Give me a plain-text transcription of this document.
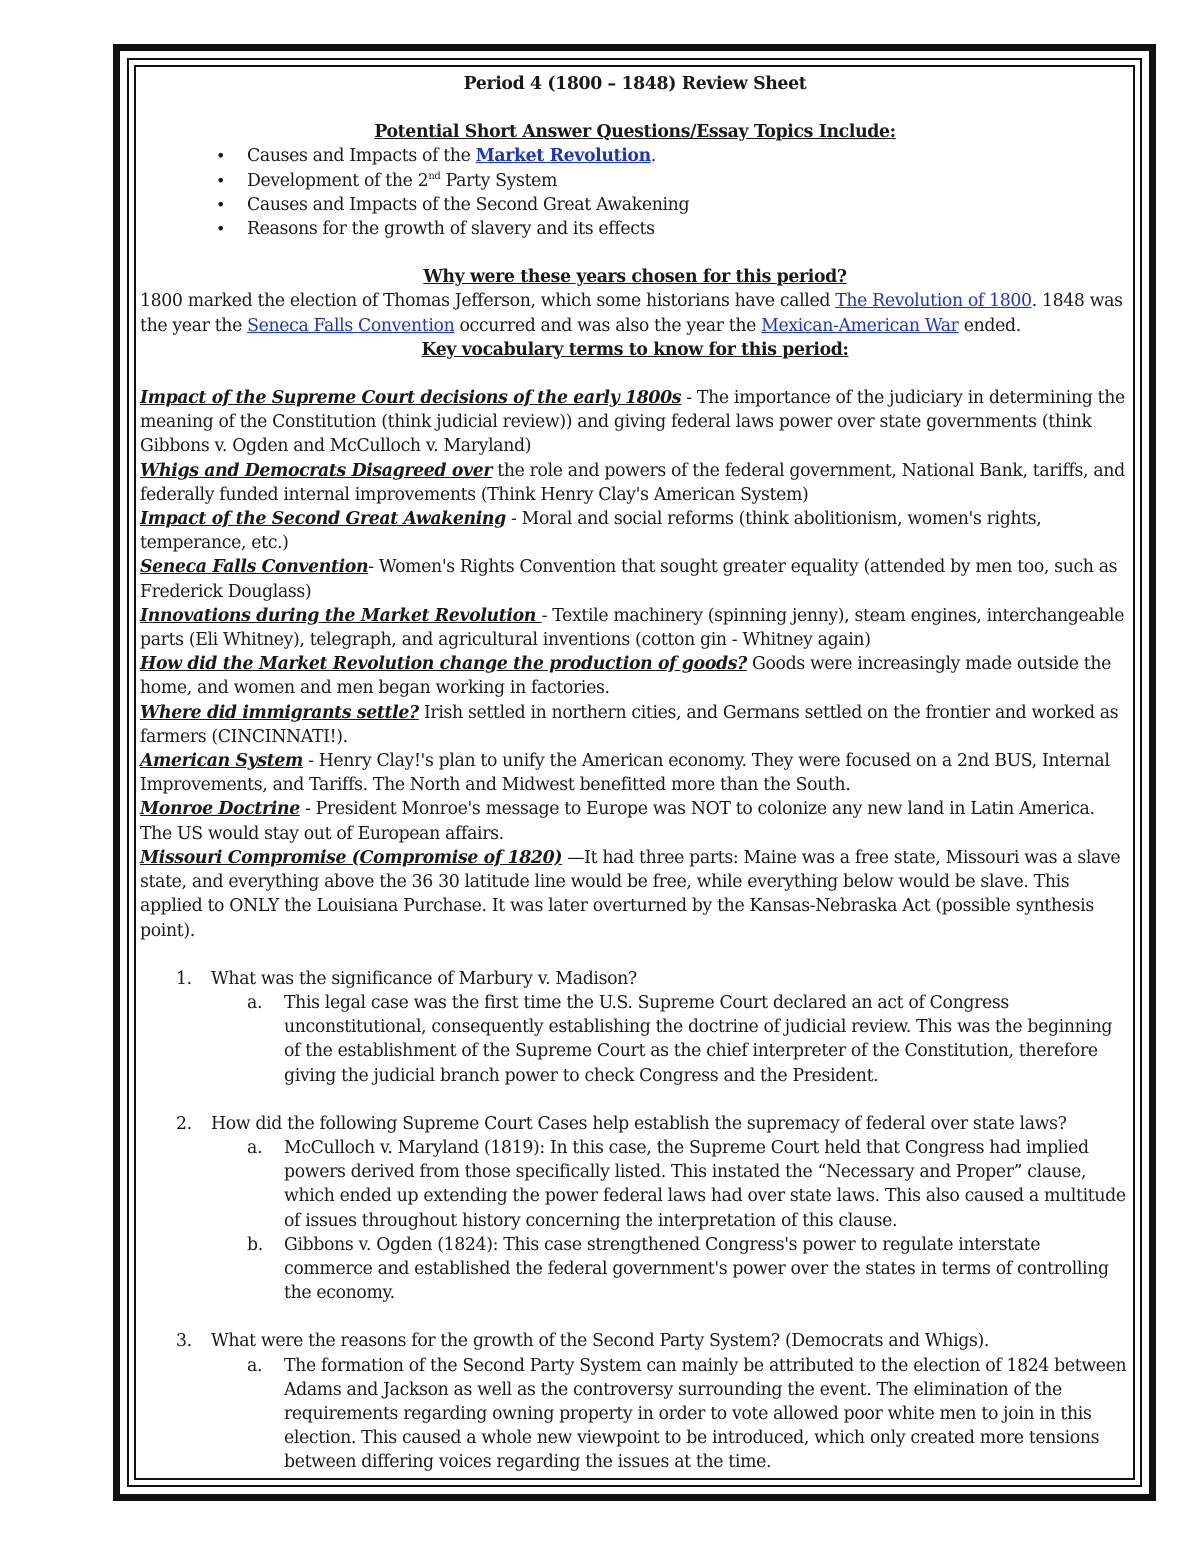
Period 4 (1800 – 1848) Review Sheet
Potential Short Answer Questions/Essay Topics Include:
• Causes and Impacts of the Market Revolution.
• Development of the 2nd Party System
• Causes and Impacts of the Second Great Awakening
• Reasons for the growth of slavery and its effects
Why were these years chosen for this period?
1800 marked the election of Thomas Jefferson, which some historians have called The Revolution of 1800. 1848 was the year the Seneca Falls Convention occurred and was also the year the Mexican-American War ended.
Key vocabulary terms to know for this period:

Impact of the Supreme Court decisions of the early 1800s - The importance of the judiciary in determining the meaning of the Constitution (think judicial review)) and giving federal laws power over state governments (think Gibbons v. Ogden and McCulloch v. Maryland)

Whigs and Democrats Disagreed over the role and powers of the federal government, National Bank, tariffs, and federally funded internal improvements (Think Henry Clay's American System)

Impact of the Second Great Awakening - Moral and social reforms (think abolitionism, women's rights, temperance, etc.)

Seneca Falls Convention- Women's Rights Convention that sought greater equality (attended by men too, such as Frederick Douglass)

Innovations during the Market Revolution - Textile machinery (spinning jenny), steam engines, interchangeable parts (Eli Whitney), telegraph, and agricultural inventions (cotton gin - Whitney again)

How did the Market Revolution change the production of goods? Goods were increasingly made outside the home, and women and men began working in factories.

Where did immigrants settle? Irish settled in northern cities, and Germans settled on the frontier and worked as farmers (CINCINNATI!).

American System - Henry Clay!'s plan to unify the American economy. They were focused on a 2nd BUS, Internal Improvements, and Tariffs. The North and Midwest benefitted more than the South.

Monroe Doctrine - President Monroe's message to Europe was NOT to colonize any new land in Latin America. The US would stay out of European affairs.

Missouri Compromise (Compromise of 1820) —It had three parts: Maine was a free state, Missouri was a slave state, and everything above the 36 30 latitude line would be free, while everything below would be slave. This applied to ONLY the Louisiana Purchase. It was later overturned by the Kansas-Nebraska Act (possible synthesis point).

1. What was the significance of Marbury v. Madison?
a. This legal case was the first time the U.S. Supreme Court declared an act of Congress unconstitutional, consequently establishing the doctrine of judicial review. This was the beginning of the establishment of the Supreme Court as the chief interpreter of the Constitution, therefore giving the judicial branch power to check Congress and the President.
2. How did the following Supreme Court Cases help establish the supremacy of federal over state laws?
a. McCulloch v. Maryland (1819): In this case, the Supreme Court held that Congress had implied powers derived from those specifically listed. This instated the “Necessary and Proper” clause, which ended up extending the power federal laws had over state laws. This also caused a multitude of issues throughout history concerning the interpretation of this clause.
b. Gibbons v. Ogden (1824): This case strengthened Congress's power to regulate interstate commerce and established the federal government's power over the states in terms of controlling the economy.
3. What were the reasons for the growth of the Second Party System? (Democrats and Whigs).
a. The formation of the Second Party System can mainly be attributed to the election of 1824 between Adams and Jackson as well as the controversy surrounding the event. The elimination of the requirements regarding owning property in order to vote allowed poor white men to join in this election. This caused a whole new viewpoint to be introduced, which only created more tensions between differing voices regarding the issues at the time.
